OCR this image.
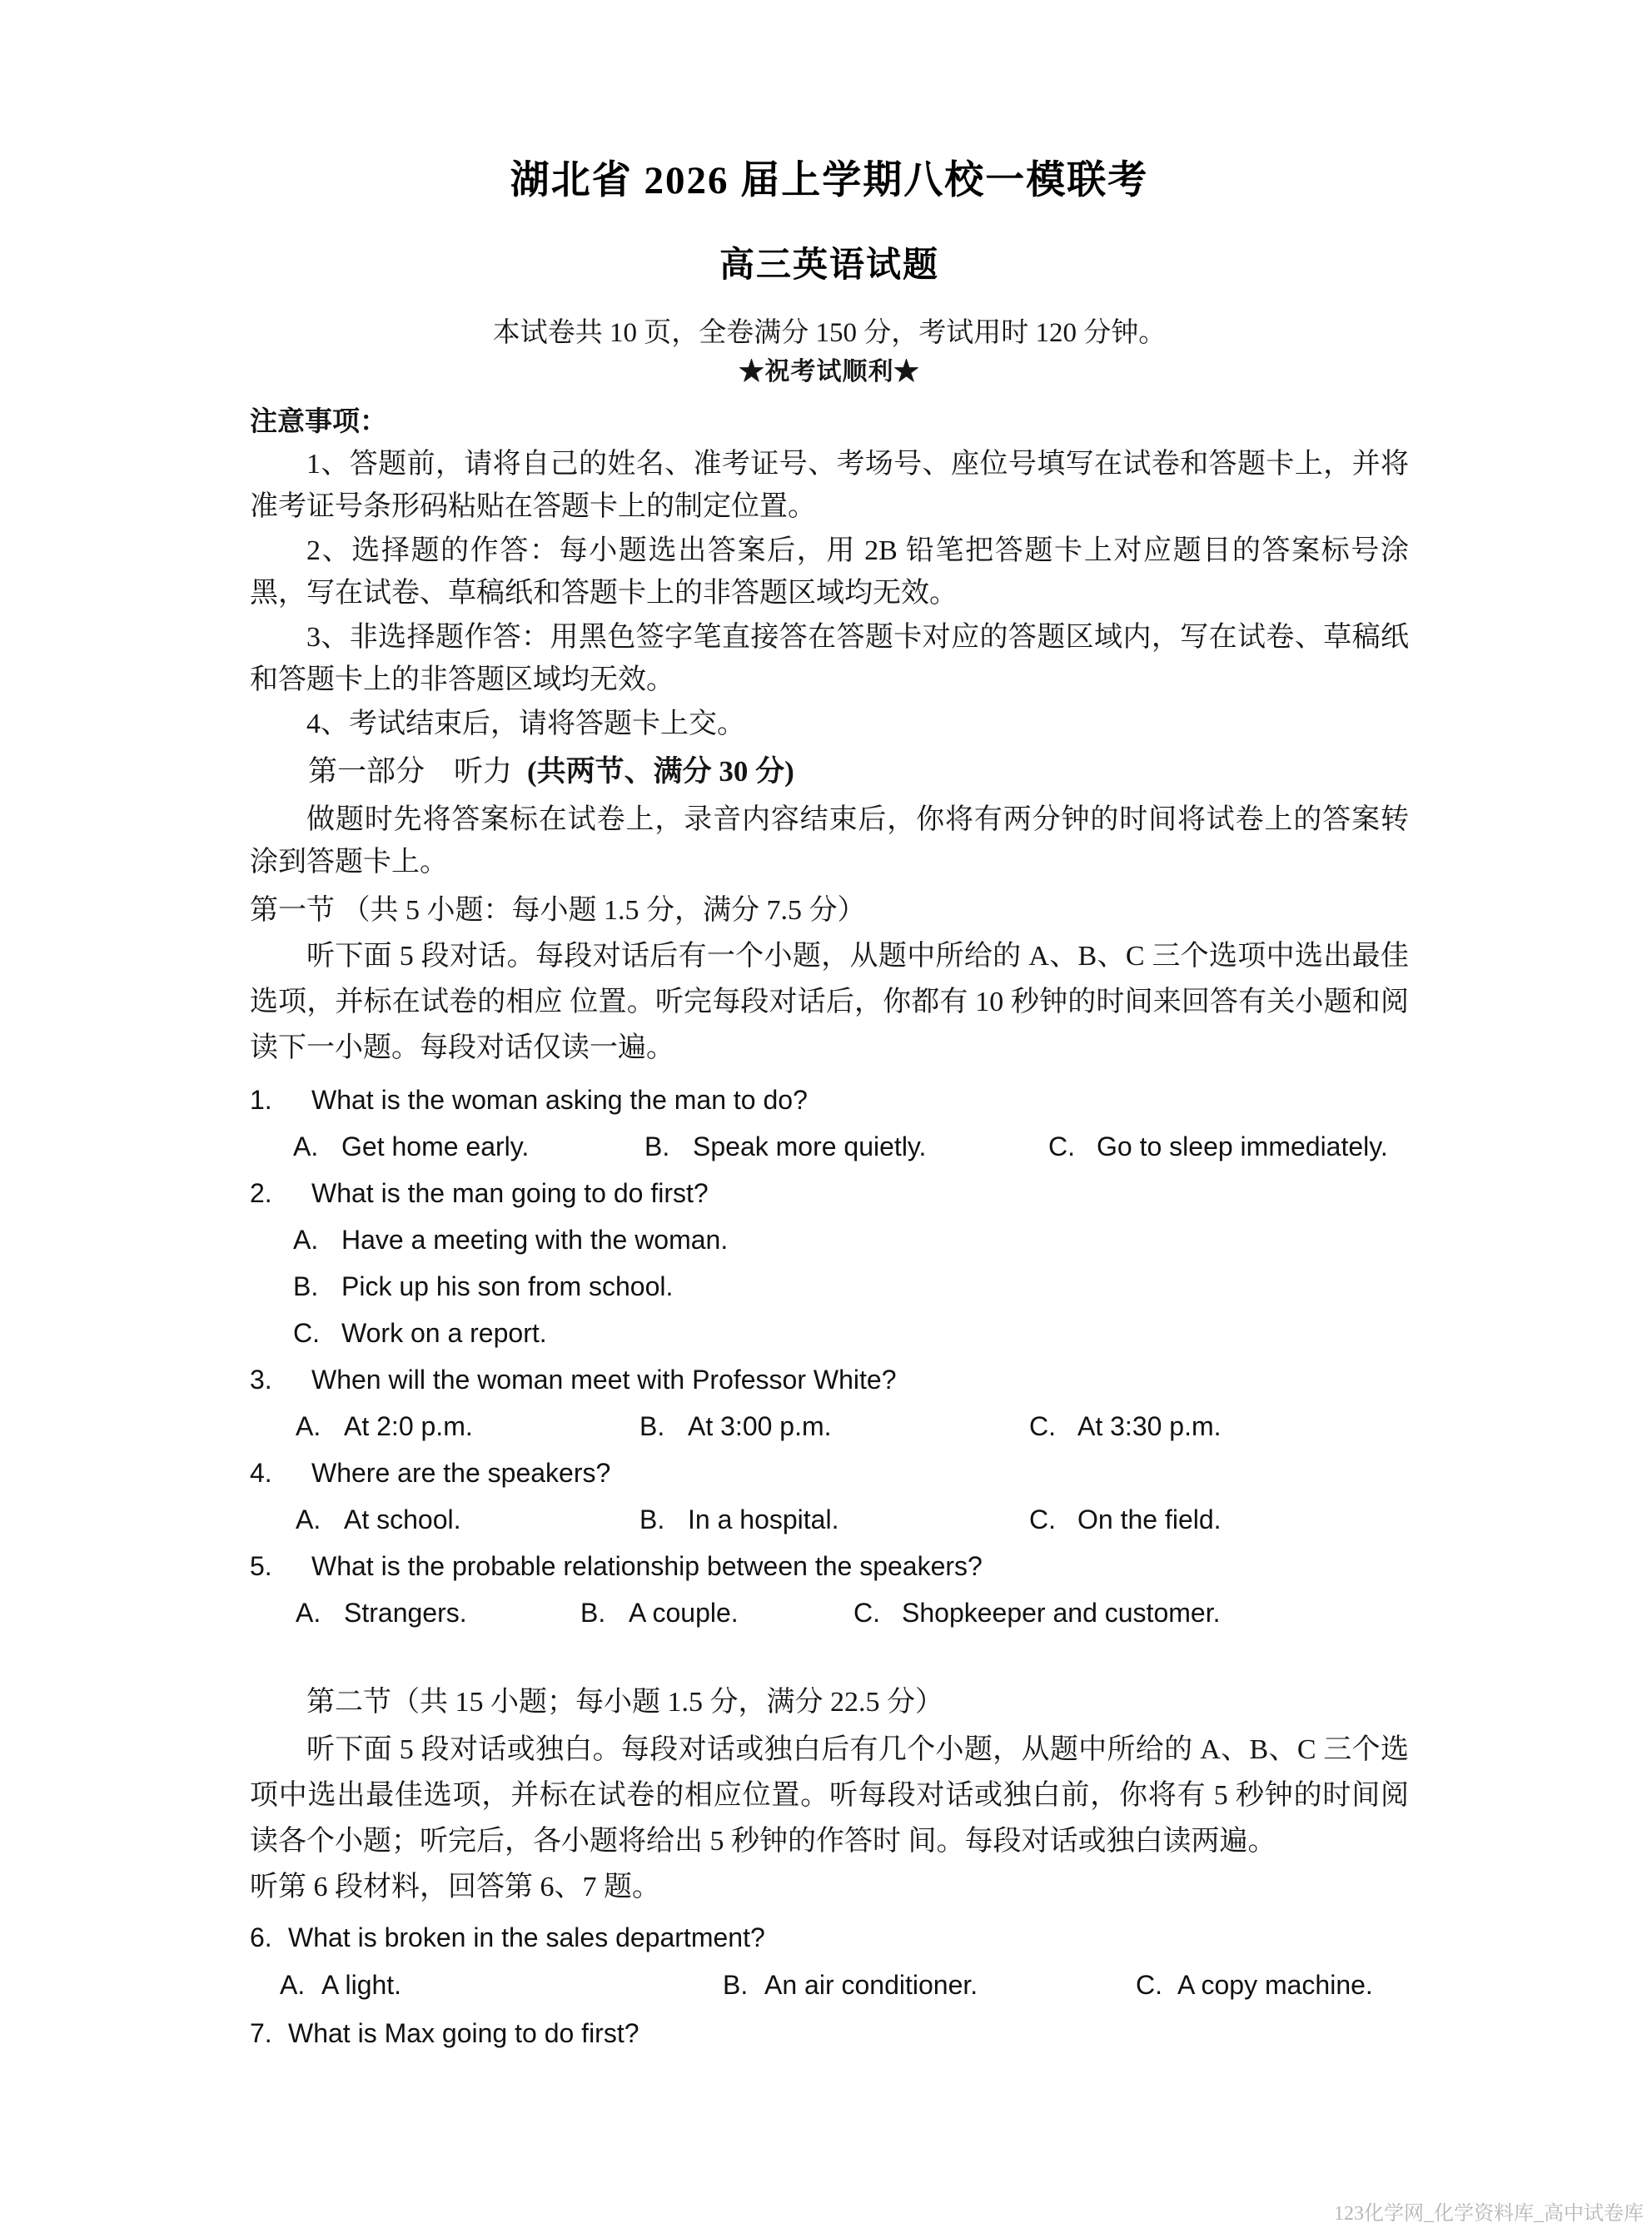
湖北省 2026 届上学期八校一模联考
高三英语试题
本试卷共 10 页，全卷满分 150 分，考试用时 120 分钟。
★祝考试顺利★
注意事项：
1、答题前，请将自己的姓名、准考证号、考场号、座位号填写在试卷和答题卡上，并将准考证号条形码粘贴在答题卡上的制定位置。
2、选择题的作答：每小题选出答案后，用 2B 铅笔把答题卡上对应题目的答案标号涂黑，写在试卷、草稿纸和答题卡上的非答题区域均无效。
3、非选择题作答：用黑色签字笔直接答在答题卡对应的答题区域内，写在试卷、草稿纸和答题卡上的非答题区域均无效。
4、考试结束后，请将答题卡上交。
第一部分　听力 (共两节、满分 30 分)
做题时先将答案标在试卷上，录音内容结束后，你将有两分钟的时间将试卷上的答案转涂到答题卡上。
第一节 （共 5 小题：每小题 1.5 分，满分 7.5 分）
听下面 5 段对话。每段对话后有一个小题，从题中所给的 A、B、C 三个选项中选出最佳选项，并标在试卷的相应 位置。听完每段对话后，你都有 10 秒钟的时间来回答有关小题和阅读下一小题。每段对话仅读一遍。
1. What is the woman asking the man to do?
A. Get home early.	B. Speak more quietly.	C. Go to sleep immediately.
2. What is the man going to do first?
A. Have a meeting with the woman.
B. Pick up his son from school.
C. Work on a report.
3. When will the woman meet with Professor White?
A. At 2:0 p.m.	B. At 3:00 p.m.	C. At 3:30 p.m.
4. Where are the speakers?
A. At school.	B. In a hospital.	C. On the field.
5. What is the probable relationship between the speakers?
A. Strangers.	B. A couple.	C. Shopkeeper and customer.
第二节（共 15 小题；每小题 1.5 分，满分 22.5 分）
听下面 5 段对话或独白。每段对话或独白后有几个小题，从题中所给的 A、B、C 三个选项中选出最佳选项，并标在试卷的相应位置。听每段对话或独白前，你将有 5 秒钟的时间阅读各个小题；听完后，各小题将给出 5 秒钟的作答时 间。每段对话或独白读两遍。
听第 6 段材料，回答第 6、7 题。
6. What is broken in the sales department?
A. A light.	B. An air conditioner.	C. A copy machine.
7. What is Max going to do first?
123化学网_化学资料库_高中试卷库
